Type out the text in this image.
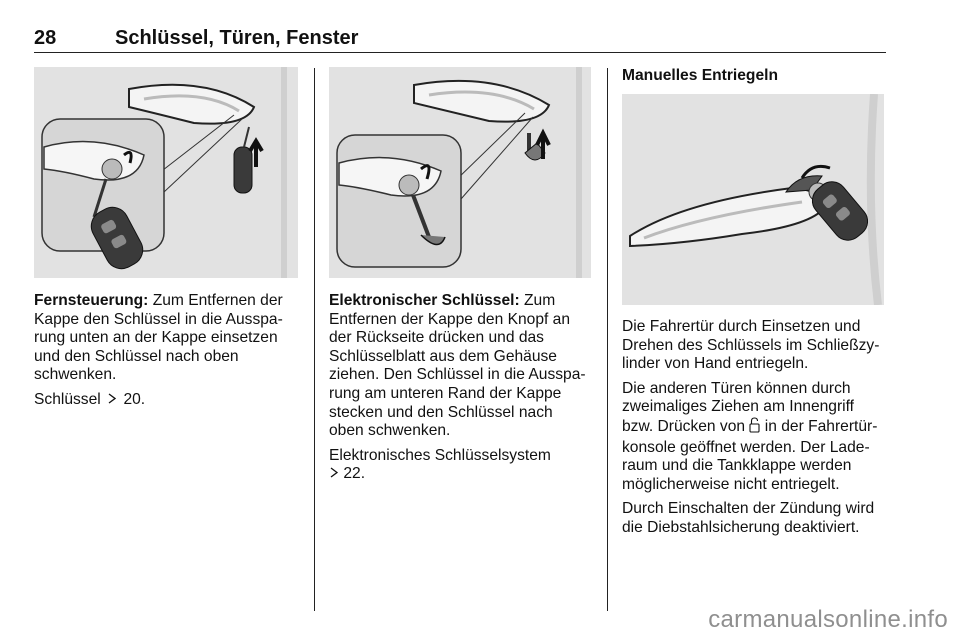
28	Schlüssel, Türen, Fenster

Fernsteuerung: Zum Entfernen der Kappe den Schlüssel in die Ausspa-rung unten an der Kappe einsetzen und den Schlüssel nach oben schwenken.

Schlüssel 20.

Elektronischer Schlüssel: Zum Entfernen der Kappe den Knopf an der Rückseite drücken und das Schlüsselblatt aus dem Gehäuse ziehen. Den Schlüssel in die Ausspa-rung am unteren Rand der Kappe stecken und den Schlüssel nach oben schwenken.

Elektronisches Schlüsselsystem
22.

Manuelles Entriegeln

Die Fahrertür durch Einsetzen und Drehen des Schlüssels im Schließzy-linder von Hand entriegeln.

Die anderen Türen können durch zweimaliges Ziehen am Innengriff bzw. Drücken von  in der Fahrertür-konsole geöffnet werden. Der Lade-raum und die Tankklappe werden möglicherweise nicht entriegelt.

Durch Einschalten der Zündung wird die Diebstahlsicherung deaktiviert.

carmanualsonline.info
